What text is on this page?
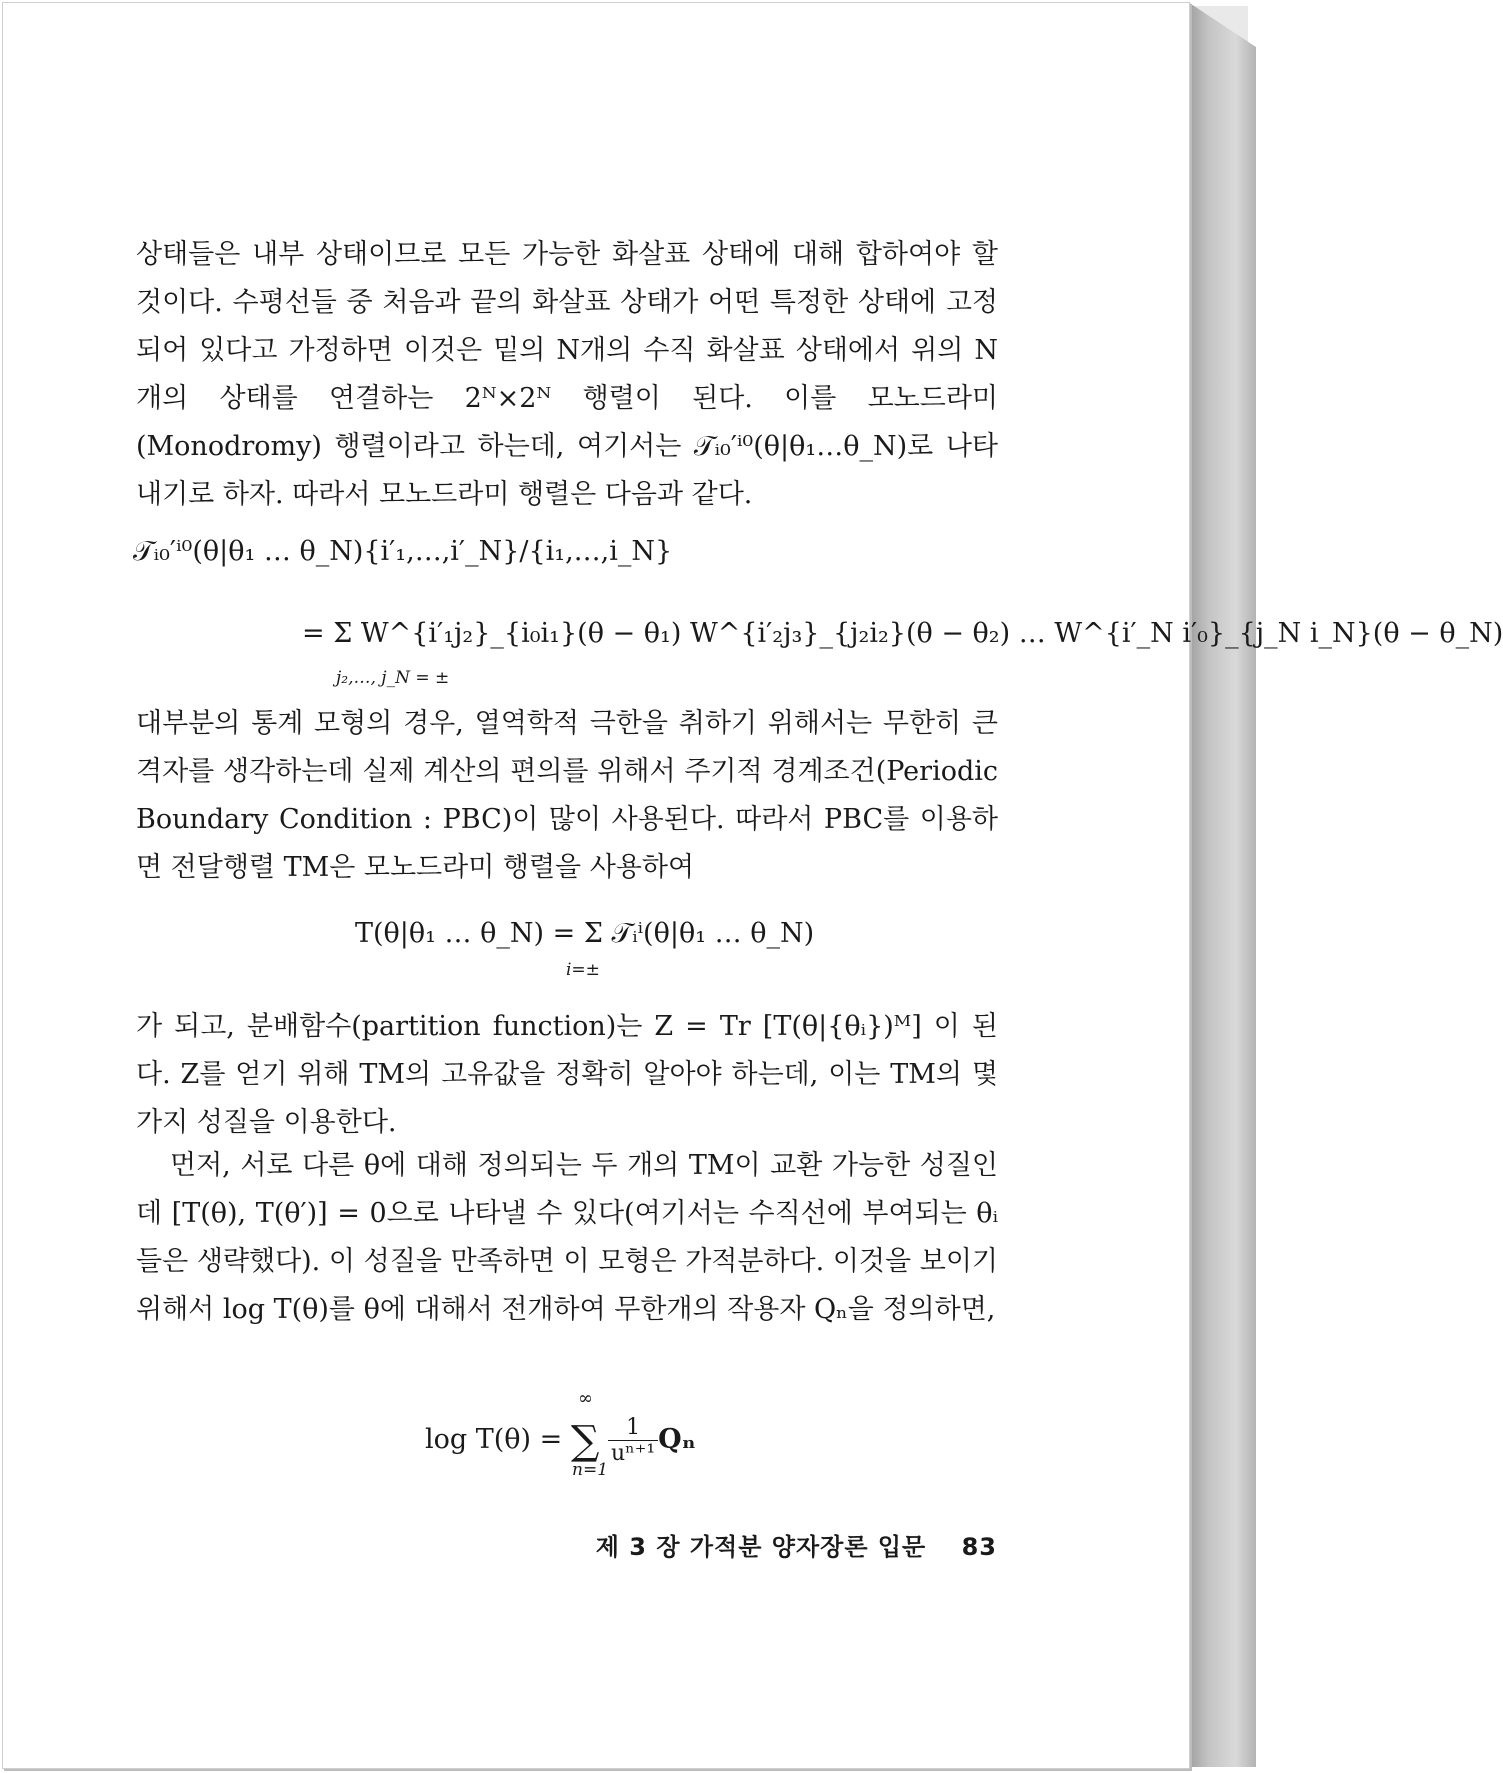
상태들은 내부 상태이므로 모든 가능한 화살표 상태에 대해 합하여야 할 것이다. 수평선들 중 처음과 끝의 화살표 상태가 어떤 특정한 상태에 고정되어 있다고 가정하면 이것은 밑의 N개의 수직 화살표 상태에서 위의 N개의 상태를 연결하는 2ᴺ×2ᴺ 행렬이 된다. 이를 모노드라미(Monodromy) 행렬이라고 하는데, 여기서는 𝒯ᵢ₀′ⁱ⁰(θ|θ₁…θ_N)로 나타내기로 하자. 따라서 모노드라미 행렬은 다음과 같다.
𝒯ᵢ₀′ⁱ⁰(θ|θ₁ … θ_N){i′₁,…,i′_N}/{i₁,…,i_N}
= Σ W^{i′₁j₂}_{i₀i₁}(θ − θ₁) W^{i′₂j₃}_{j₂i₂}(θ − θ₂) … W^{i′_N i′₀}_{j_N i_N}(θ − θ_N)
j₂,…, j_N = ±
대부분의 통계 모형의 경우, 열역학적 극한을 취하기 위해서는 무한히 큰 격자를 생각하는데 실제 계산의 편의를 위해서 주기적 경계조건(Periodic Boundary Condition : PBC)이 많이 사용된다. 따라서 PBC를 이용하면 전달행렬 TM은 모노드라미 행렬을 사용하여
T(θ|θ₁ … θ_N) = Σ 𝒯ᵢⁱ(θ|θ₁ … θ_N)
i=±
가 되고, 분배함수(partition function)는 Z = Tr [T(θ|{θᵢ})ᴹ] 이 된다. Z를 얻기 위해 TM의 고유값을 정확히 알아야 하는데, 이는 TM의 몇 가지 성질을 이용한다.
먼저, 서로 다른 θ에 대해 정의되는 두 개의 TM이 교환 가능한 성질인데 [T(θ), T(θ′)] = 0으로 나타낼 수 있다(여기서는 수직선에 부여되는 θᵢ들은 생략했다). 이 성질을 만족하면 이 모형은 가적분하다. 이것을 보이기 위해서 log T(θ)를 θ에 대해서 전개하여 무한개의 작용자 Qₙ을 정의하면,
∞
log T(θ) = ∑ $\frac{1}{\text{uⁿ⁺¹}}$ Qₙ
n=1
제 3 장 가적분 양자장론 입문 83
